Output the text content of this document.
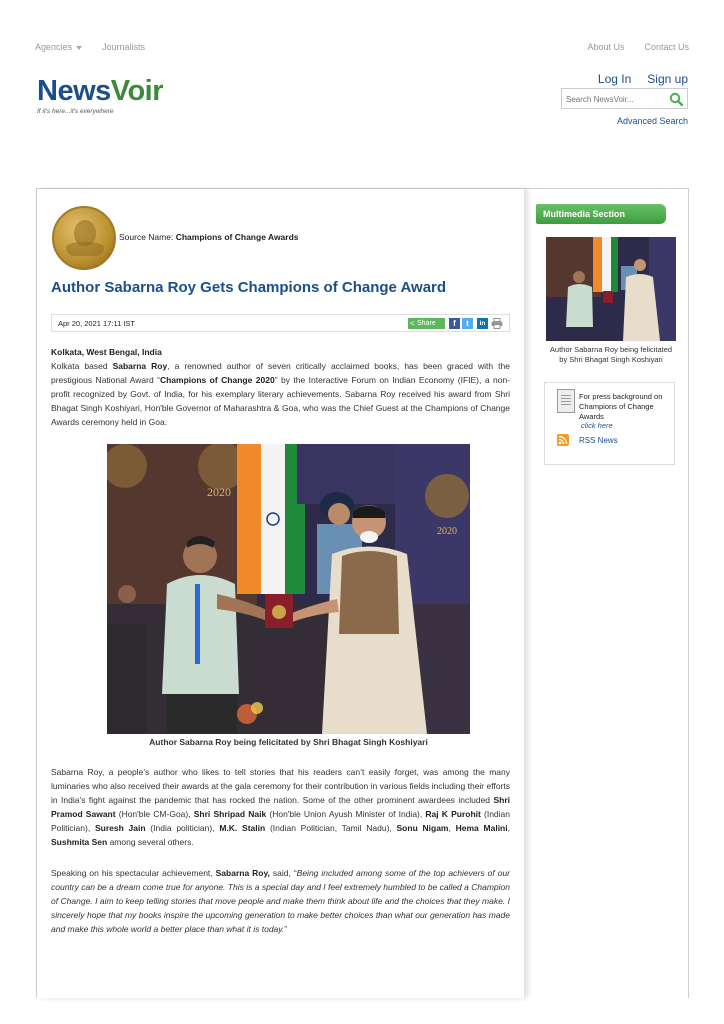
Agencies	Journalists	About Us Contact Us
NewsVoir
If it's here...it's everywhere
Log In Sign up
Search NewsVoir...
Advanced Search
Source Name: Champions of Change Awards
Author Sabarna Roy Gets Champions of Change Award
Apr 20, 2021 17:11 IST
<	Share	f	t	in
Kolkata, West Bengal, India
Kolkata based Sabarna Roy, a renowned author of seven critically acclaimed books, has been graced with the prestigious National Award “Champions of Change 2020” by the Interactive Forum on Indian Economy (IFIE), a non-profit recognized by Govt. of India, for his exemplary literary achievements. Sabarna Roy received his award from Shri Bhagat Singh Koshiyari, Hon'ble Governor of Maharashtra & Goa, who was the Chief Guest at the Champions of Change Awards ceremony held in Goa.
2020
2020
Author Sabarna Roy being felicitated by Shri Bhagat Singh Koshiyari
Sabarna Roy, a people’s author who likes to tell stories that his readers can’t easily forget, was among the many luminaries who also received their awards at the gala ceremony for their contribution in various fields including their efforts in India’s fight against the pandemic that has rocked the nation. Some of the other prominent awardees included Shri Pramod Sawant (Hon'ble CM-Goa), Shri Shripad Naik (Hon'ble Union Ayush Minister of India), Raj K Purohit (Indian Politician), Suresh Jain (India politician), M.K. Stalin (Indian Politician, Tamil Nadu), Sonu Nigam, Hema Malini, Sushmita Sen among several others.
Speaking on his spectacular achievement, Sabarna Roy, said, “Being included among some of the top achievers of our country can be a dream come true for anyone. This is a special day and I feel extremely humbled to be called a Champion of Change. I aim to keep telling stories that move people and make them think about life and the choices that they make. I sincerely hope that my books inspire the upcoming generation to make better choices than what our generation has made and make this whole world a better place than what it is today.”
Multimedia Section
Author Sabarna Roy being felicitated by Shri Bhagat Singh Koshiyari
For press background on Champions of Change Awards
click here
RSS News
